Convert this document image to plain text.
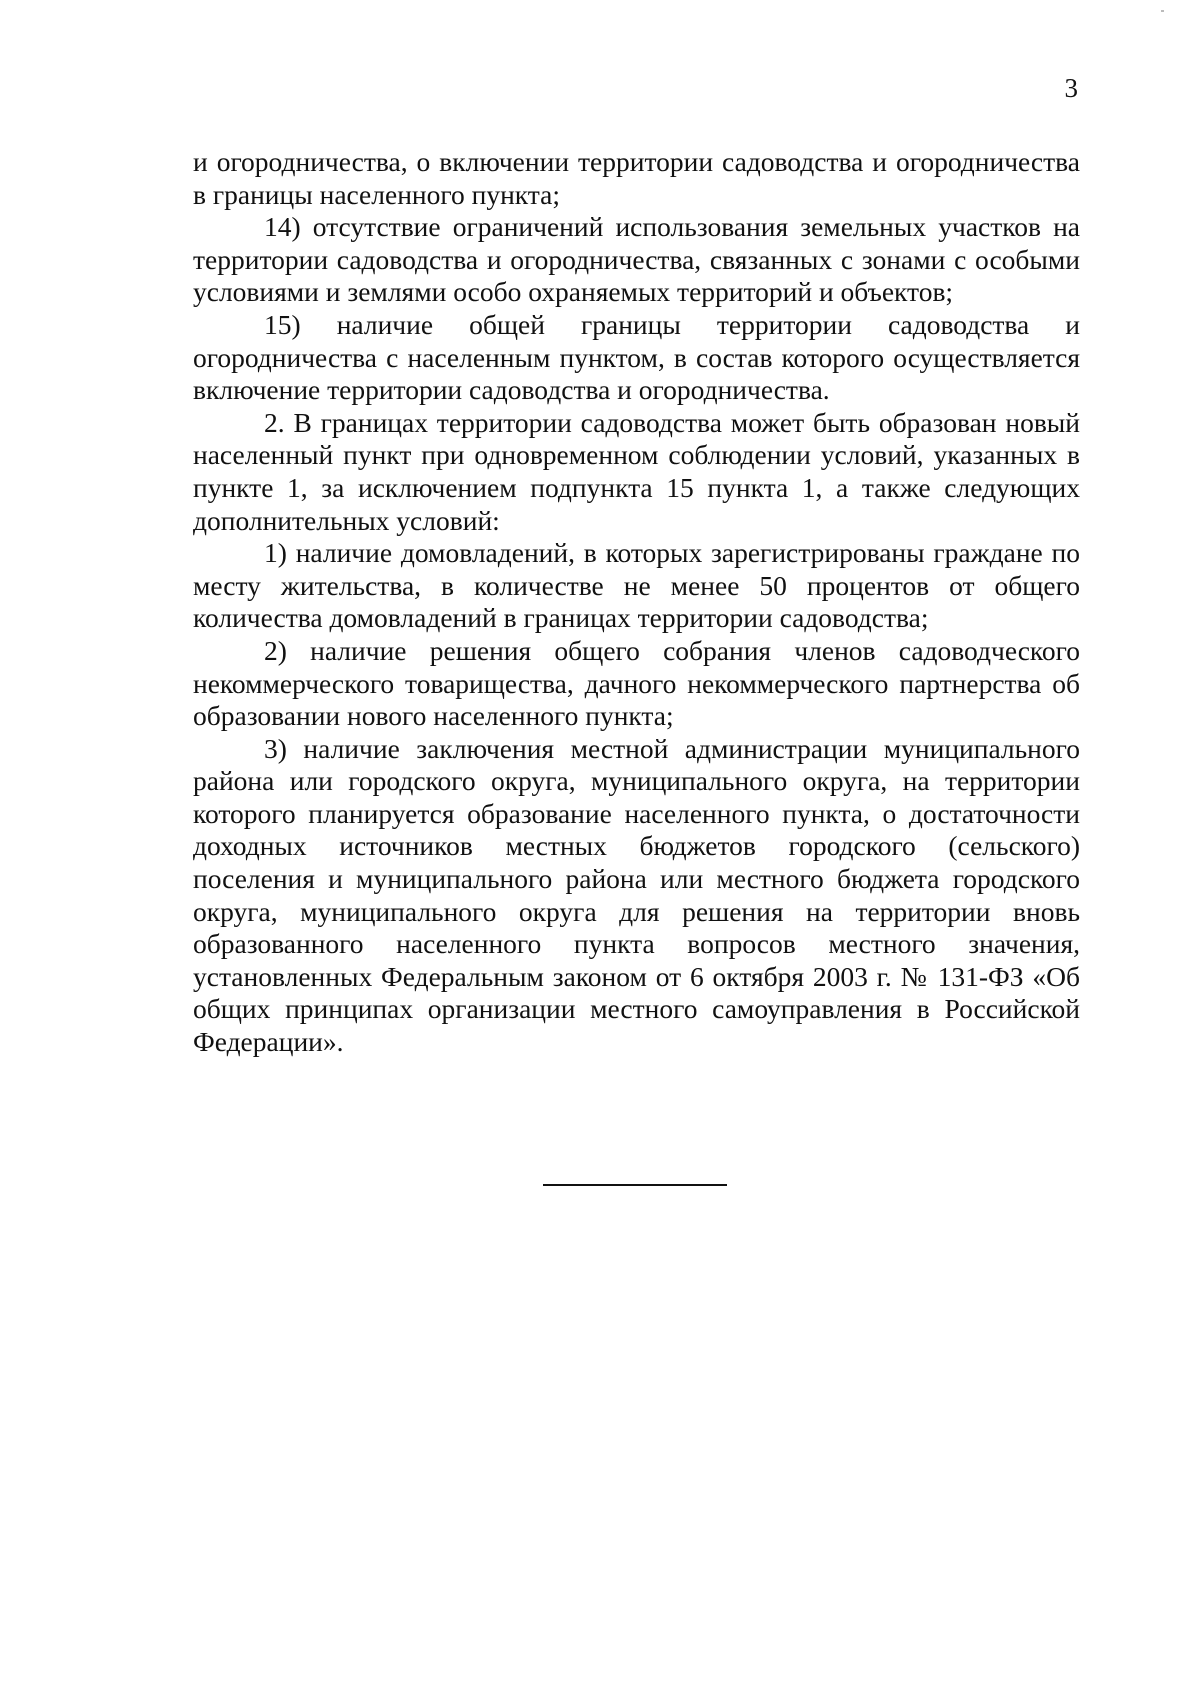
3

и огородничества, о включении территории садоводства и огородничества в границы населенного пункта;

14) отсутствие ограничений использования земельных участков на территории садоводства и огородничества, связанных с зонами с особыми условиями и землями особо охраняемых территорий и объектов;

15) наличие общей границы территории садоводства и огородничества с населенным пунктом, в состав которого осуществляется включение территории садоводства и огородничества.

2. В границах территории садоводства может быть образован новый населенный пункт при одновременном соблюдении условий, указанных в пункте 1, за исключением подпункта 15 пункта 1, а также следующих дополнительных условий:

1) наличие домовладений, в которых зарегистрированы граждане по месту жительства, в количестве не менее 50 процентов от общего количества домовладений в границах территории садоводства;

2) наличие решения общего собрания членов садоводческого некоммерческого товарищества, дачного некоммерческого партнерства об образовании нового населенного пункта;

3) наличие заключения местной администрации муниципального района или городского округа, муниципального округа, на территории которого планируется образование населенного пункта, о достаточности доходных источников местных бюджетов городского (сельского) поселения и муниципального района или местного бюджета городского округа, муниципального округа для решения на территории вновь образованного населенного пункта вопросов местного значения, установленных Федеральным законом от 6 октября 2003 г. № 131-ФЗ «Об общих принципах организации местного самоуправления в Российской Федерации».
